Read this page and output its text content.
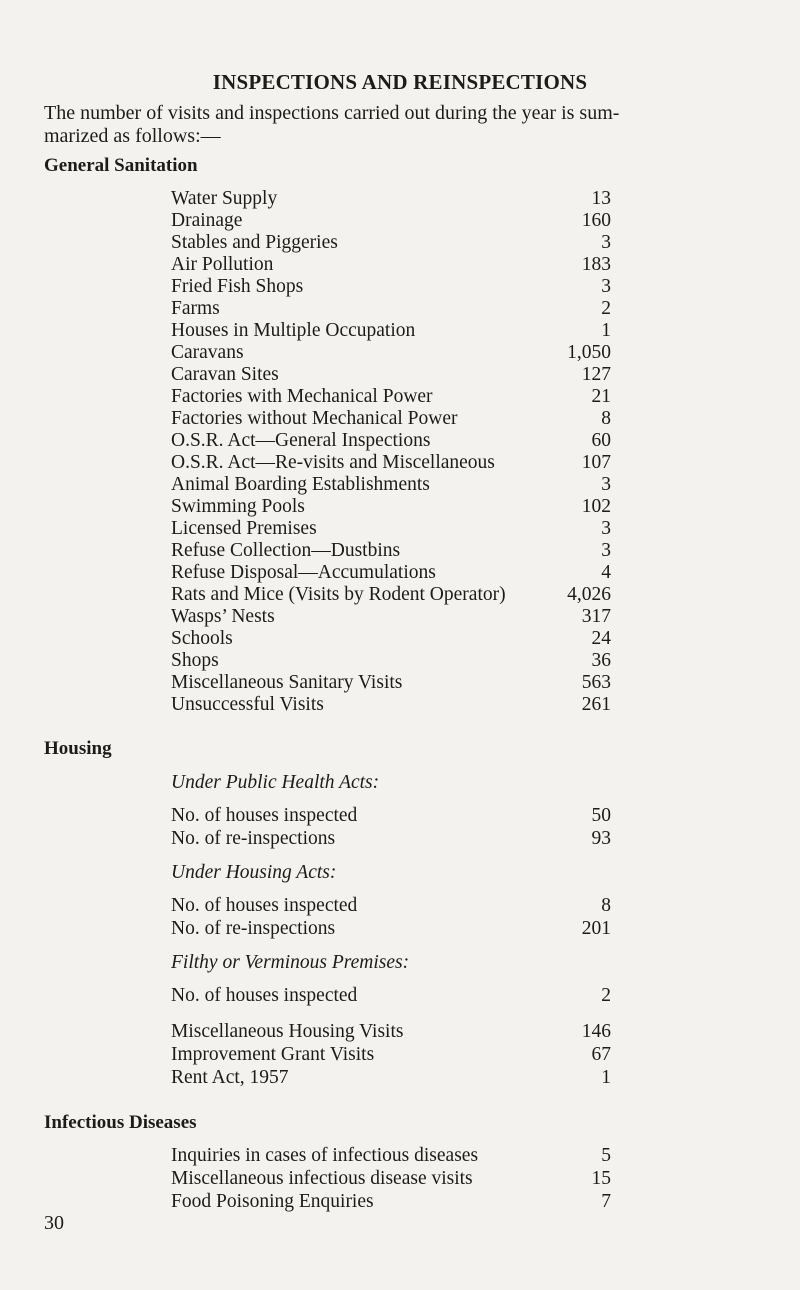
INSPECTIONS AND REINSPECTIONS
The number of visits and inspections carried out during the year is sum-
marized as follows:—
General Sanitation
Water Supply	13
Drainage	160
Stables and Piggeries	3
Air Pollution	183
Fried Fish Shops	3
Farms	2
Houses in Multiple Occupation	1
Caravans	1,050
Caravan Sites	127
Factories with Mechanical Power	21
Factories without Mechanical Power	8
O.S.R. Act—General Inspections	60
O.S.R. Act—Re-visits and Miscellaneous	107
Animal Boarding Establishments	3
Swimming Pools	102
Licensed Premises	3
Refuse Collection—Dustbins	3
Refuse Disposal—Accumulations	4
Rats and Mice (Visits by Rodent Operator)	4,026
Wasps’ Nests	317
Schools	24
Shops	36
Miscellaneous Sanitary Visits	563
Unsuccessful Visits	261
Housing
Under Public Health Acts:
No. of houses inspected	50
No. of re-inspections	93
Under Housing Acts:
No. of houses inspected	8
No. of re-inspections	201
Filthy or Verminous Premises:
No. of houses inspected	2
Miscellaneous Housing Visits	146
Improvement Grant Visits	67
Rent Act, 1957	1
Infectious Diseases
Inquiries in cases of infectious diseases	5
Miscellaneous infectious disease visits	15
Food Poisoning Enquiries	7
30
